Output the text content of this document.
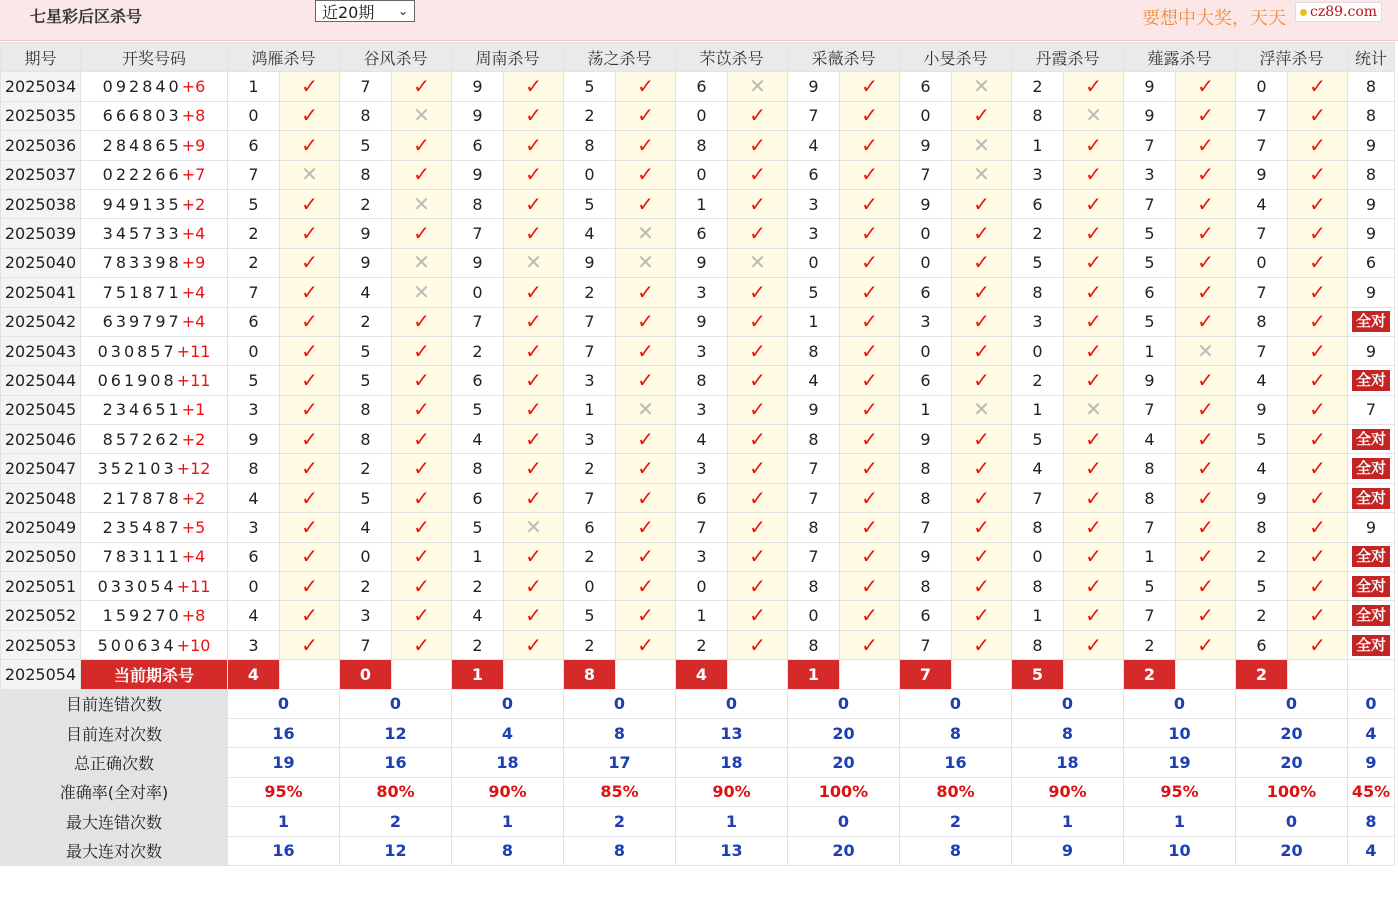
七星彩后区杀号	近20期 ⌄	要想中大奖，天天 cz89.com
期号	开奖号码	鸿雁杀号		谷风杀号		周南杀号		荡之杀号		芣苡杀号		采薇杀号		小旻杀号		丹霞杀号		薤露杀号		浮萍杀号		统计
2025034	092840+6	1	✓	7	✓	9	✓	5	✓	6	✕	9	✓	6	✕	2	✓	9	✓	0	✓	8
2025035	666803+8	0	✓	8	✕	9	✓	2	✓	0	✓	7	✓	0	✓	8	✕	9	✓	7	✓	8
2025036	284865+9	6	✓	5	✓	6	✓	8	✓	8	✓	4	✓	9	✕	1	✓	7	✓	7	✓	9
2025037	022266+7	7	✕	8	✓	9	✓	0	✓	0	✓	6	✓	7	✕	3	✓	3	✓	9	✓	8
2025038	949135+2	5	✓	2	✕	8	✓	5	✓	1	✓	3	✓	9	✓	6	✓	7	✓	4	✓	9
2025039	345733+4	2	✓	9	✓	7	✓	4	✕	6	✓	3	✓	0	✓	2	✓	5	✓	7	✓	9
2025040	783398+9	2	✓	9	✕	9	✕	9	✕	9	✕	0	✓	0	✓	5	✓	5	✓	0	✓	6
2025041	751871+4	7	✓	4	✕	0	✓	2	✓	3	✓	5	✓	6	✓	8	✓	6	✓	7	✓	9
2025042	639797+4	6	✓	2	✓	7	✓	7	✓	9	✓	1	✓	3	✓	3	✓	5	✓	8	✓	全对
2025043	030857+11	0	✓	5	✓	2	✓	7	✓	3	✓	8	✓	0	✓	0	✓	1	✕	7	✓	9
2025044	061908+11	5	✓	5	✓	6	✓	3	✓	8	✓	4	✓	6	✓	2	✓	9	✓	4	✓	全对
2025045	234651+1	3	✓	8	✓	5	✓	1	✕	3	✓	9	✓	1	✕	1	✕	7	✓	9	✓	7
2025046	857262+2	9	✓	8	✓	4	✓	3	✓	4	✓	8	✓	9	✓	5	✓	4	✓	5	✓	全对
2025047	352103+12	8	✓	2	✓	8	✓	2	✓	3	✓	7	✓	8	✓	4	✓	8	✓	4	✓	全对
2025048	217878+2	4	✓	5	✓	6	✓	7	✓	6	✓	7	✓	8	✓	7	✓	8	✓	9	✓	全对
2025049	235487+5	3	✓	4	✓	5	✕	6	✓	7	✓	8	✓	7	✓	8	✓	7	✓	8	✓	9
2025050	783111+4	6	✓	0	✓	1	✓	2	✓	3	✓	7	✓	9	✓	0	✓	1	✓	2	✓	全对
2025051	033054+11	0	✓	2	✓	2	✓	0	✓	0	✓	8	✓	8	✓	8	✓	5	✓	5	✓	全对
2025052	159270+8	4	✓	3	✓	4	✓	5	✓	1	✓	0	✓	6	✓	1	✓	7	✓	2	✓	全对
2025053	500634+10	3	✓	7	✓	2	✓	2	✓	2	✓	8	✓	7	✓	8	✓	2	✓	6	✓	全对
2025054	当前期杀号	4		0		1		8		4		1		7		5		2		2		
目前连错次数		0		0		0		0		0		0		0		0		0		0		0
目前连对次数		16		12		4		8		13		20		8		8		10		20		4
总正确次数		19		16		18		17		18		20		16		18		19		20		9
准确率(全对率)		95%		80%		90%		85%		90%		100%		80%		90%		95%		100%		45%
最大连错次数		1		2		1		2		1		0		2		1		1		0		8
最大连对次数		16		12		8		8		13		20		8		9		10		20		4
